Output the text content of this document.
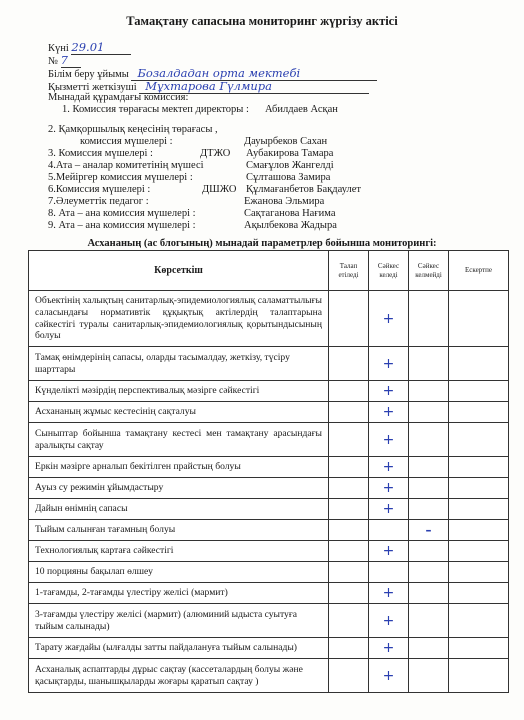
Тамақтану сапасына мониторинг жүргізу актісі
Күні 29.01
№ 7
Білім беру ұйымы Бозалдадан орта мектебі
Қызметті жеткізуші Мұхтарова Гүлмира
Мынадай құрамдағы комиссия:
1. Комиссия төрағасы мектеп директоры : Абилдаев Асқан
2. Қамқоршылық кеңесінің төрағасы ,
комиссия мүшелері :	Дауырбеков Сахан
3. Комиссия мүшелері :	ДТЖО Аубакирова Тамара
4.Ата – аналар комитетінің мүшесі	Смағұлов Жангелді
5.Мейіргер комиссия мүшелері :	Сұлташова Замира
6.Комиссия мүшелері :	ДШЖО Құлмағанбетов Бақдаулет
7.Әлеуметтік педагог :	Ежанова Эльмира
8. Ата – ана комиссия мүшелері :	Сақтаганова Нағима
9. Ата – ана комиссия мүшелері :	Ақылбекова Жадыра
Асхананың (ас блогының) мынадай параметрлер бойынша мониторингі:
Көрсеткіш	Талап етіледі	Сәйкес келеді	Сәйкес келмейді	Ескертпе
Объектінің халықтың санитарлық-эпидемиологиялық саламаттылығы саласындағы нормативтік құқықтық актілердің талаптарына сәйкестігі туралы санитарлық-эпидемиологиялық қорытындысының болуы		+		
Тамақ өнімдерінің сапасы, оларды тасымалдау, жеткізу, түсіру шарттары		+		
Күнделікті мәзірдің перспективалық мәзірге сәйкестігі		+		
Асхананың жұмыс кестесінің сақталуы		+		
Сыныптар бойынша тамақтану кестесі мен тамақтану арасындағы аралықты сақтау		+		
Еркін мәзірге арналып бекітілген прайстың болуы		+		
Ауыз су режимін ұйымдастыру		+		
Дайын өнімнің сапасы		+		
Тыйым салынған тағамның болуы			–	
Технологиялық картаға сәйкестігі		+		
10 порцияны бақылап өлшеу				
1-тағамды, 2-тағамды үлестіру желісі (мармит)		+		
3-тағамды үлестіру желісі (мармит) (алюминий ыдыста суытуға тыйым салынады)		+		
Тарату жағдайы (ылғалды затты пайдалануға тыйым салынады)		+		
Асханалық аспаптарды дұрыс сақтау (кассеталардың болуы және қасықтарды, шанышқыларды жоғары қаратып сақтау )		+		
